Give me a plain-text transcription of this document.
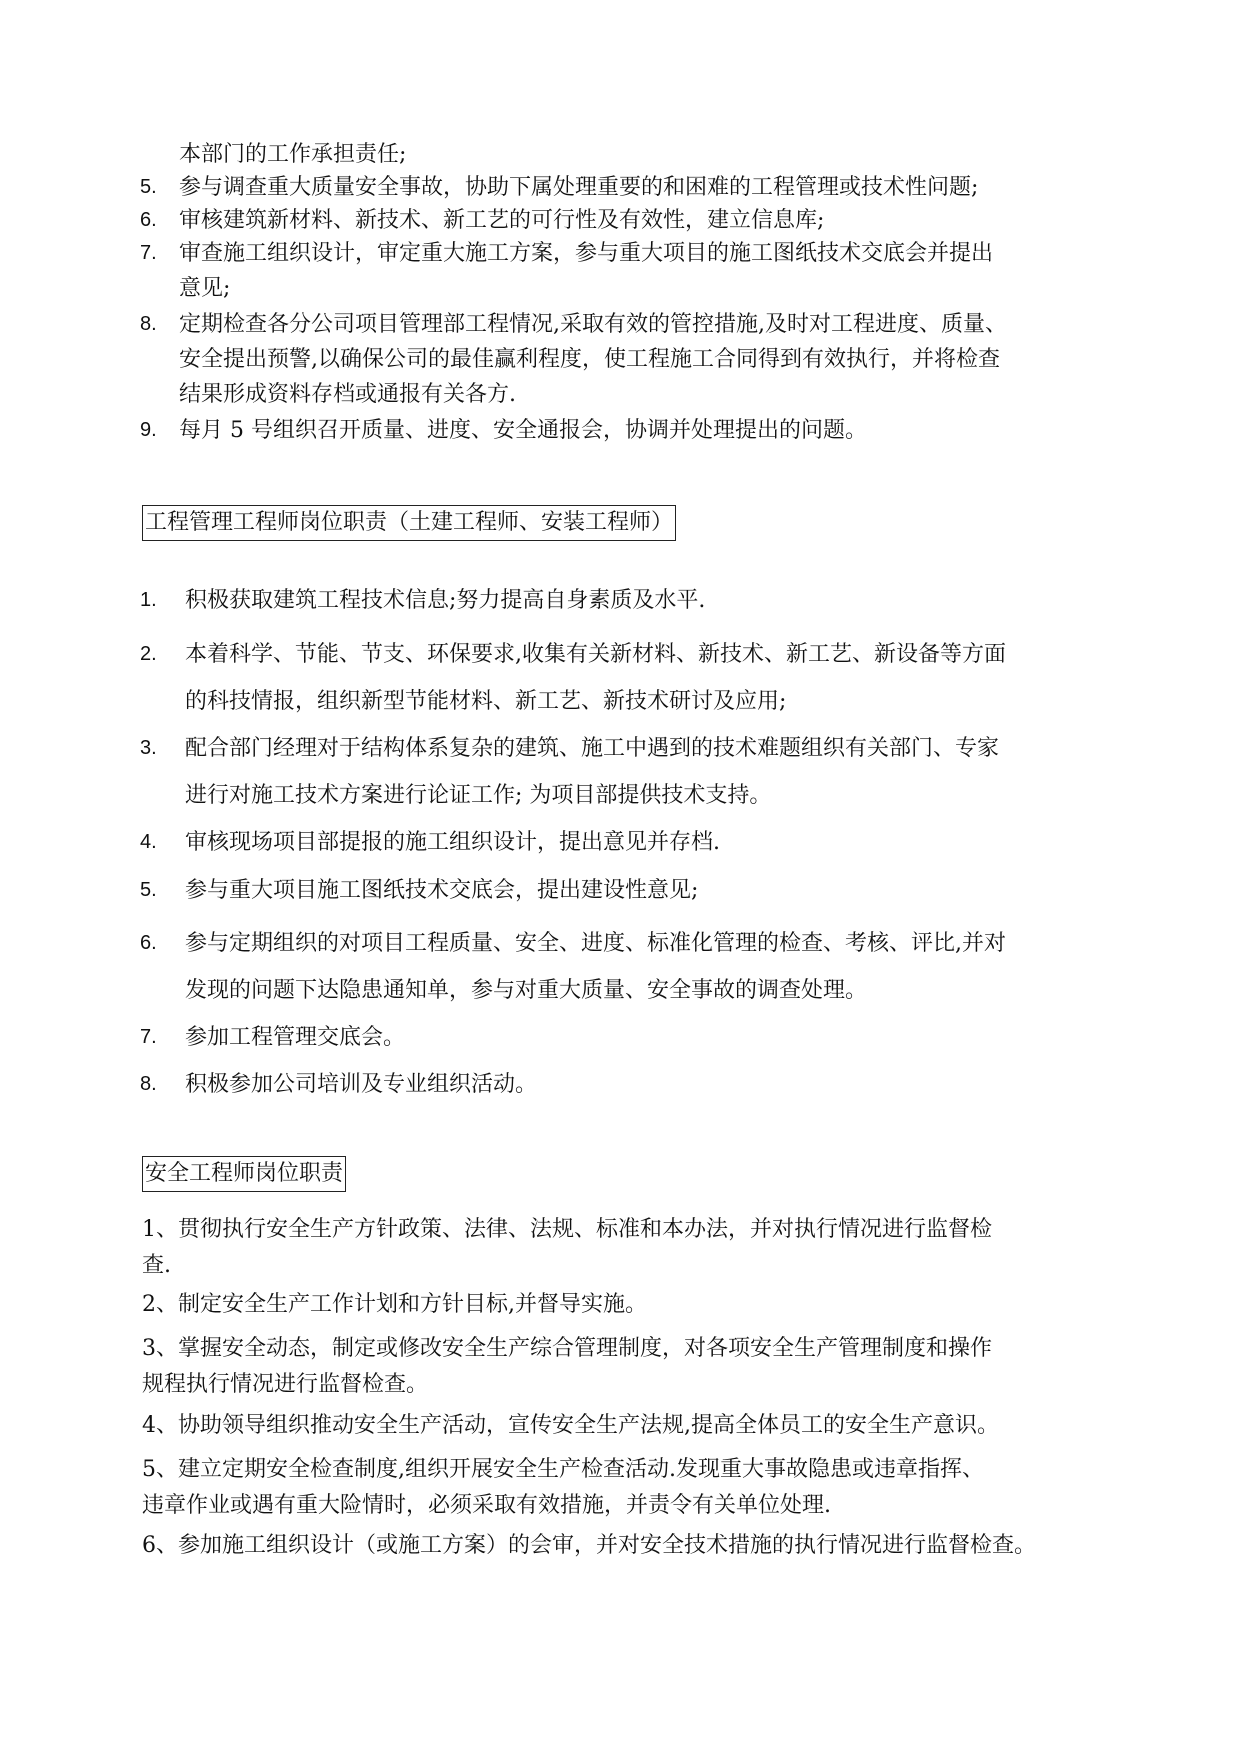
本部门的工作承担责任;
5. 参与调查重大质量安全事故，协助下属处理重要的和困难的工程管理或技术性问题;
6. 审核建筑新材料、新技术、新工艺的可行性及有效性，建立信息库;
7. 审查施工组织设计，审定重大施工方案，参与重大项目的施工图纸技术交底会并提出
意见;
8. 定期检查各分公司项目管理部工程情况,采取有效的管控措施,及时对工程进度、质量、
安全提出预警,以确保公司的最佳赢利程度，使工程施工合同得到有效执行，并将检查
结果形成资料存档或通报有关各方.
9. 每月 5 号组织召开质量、进度、安全通报会，协调并处理提出的问题。
工程管理工程师岗位职责（土建工程师、安装工程师）
1. 积极获取建筑工程技术信息;努力提高自身素质及水平.
2. 本着科学、节能、节支、环保要求,收集有关新材料、新技术、新工艺、新设备等方面
的科技情报，组织新型节能材料、新工艺、新技术研讨及应用;
3. 配合部门经理对于结构体系复杂的建筑、施工中遇到的技术难题组织有关部门、专家
进行对施工技术方案进行论证工作; 为项目部提供技术支持。
4. 审核现场项目部提报的施工组织设计，提出意见并存档.
5. 参与重大项目施工图纸技术交底会，提出建设性意见;
6. 参与定期组织的对项目工程质量、安全、进度、标准化管理的检查、考核、评比,并对
发现的问题下达隐患通知单，参与对重大质量、安全事故的调查处理。
7. 参加工程管理交底会。
8. 积极参加公司培训及专业组织活动。
安全工程师岗位职责
1、贯彻执行安全生产方针政策、法律、法规、标准和本办法，并对执行情况进行监督检
查.
2、制定安全生产工作计划和方针目标,并督导实施。
3、掌握安全动态，制定或修改安全生产综合管理制度，对各项安全生产管理制度和操作
规程执行情况进行监督检查。
4、协助领导组织推动安全生产活动，宣传安全生产法规,提高全体员工的安全生产意识。
5、建立定期安全检查制度,组织开展安全生产检查活动.发现重大事故隐患或违章指挥、
违章作业或遇有重大险情时，必须采取有效措施，并责令有关单位处理.
6、参加施工组织设计（或施工方案）的会审，并对安全技术措施的执行情况进行监督检查。
